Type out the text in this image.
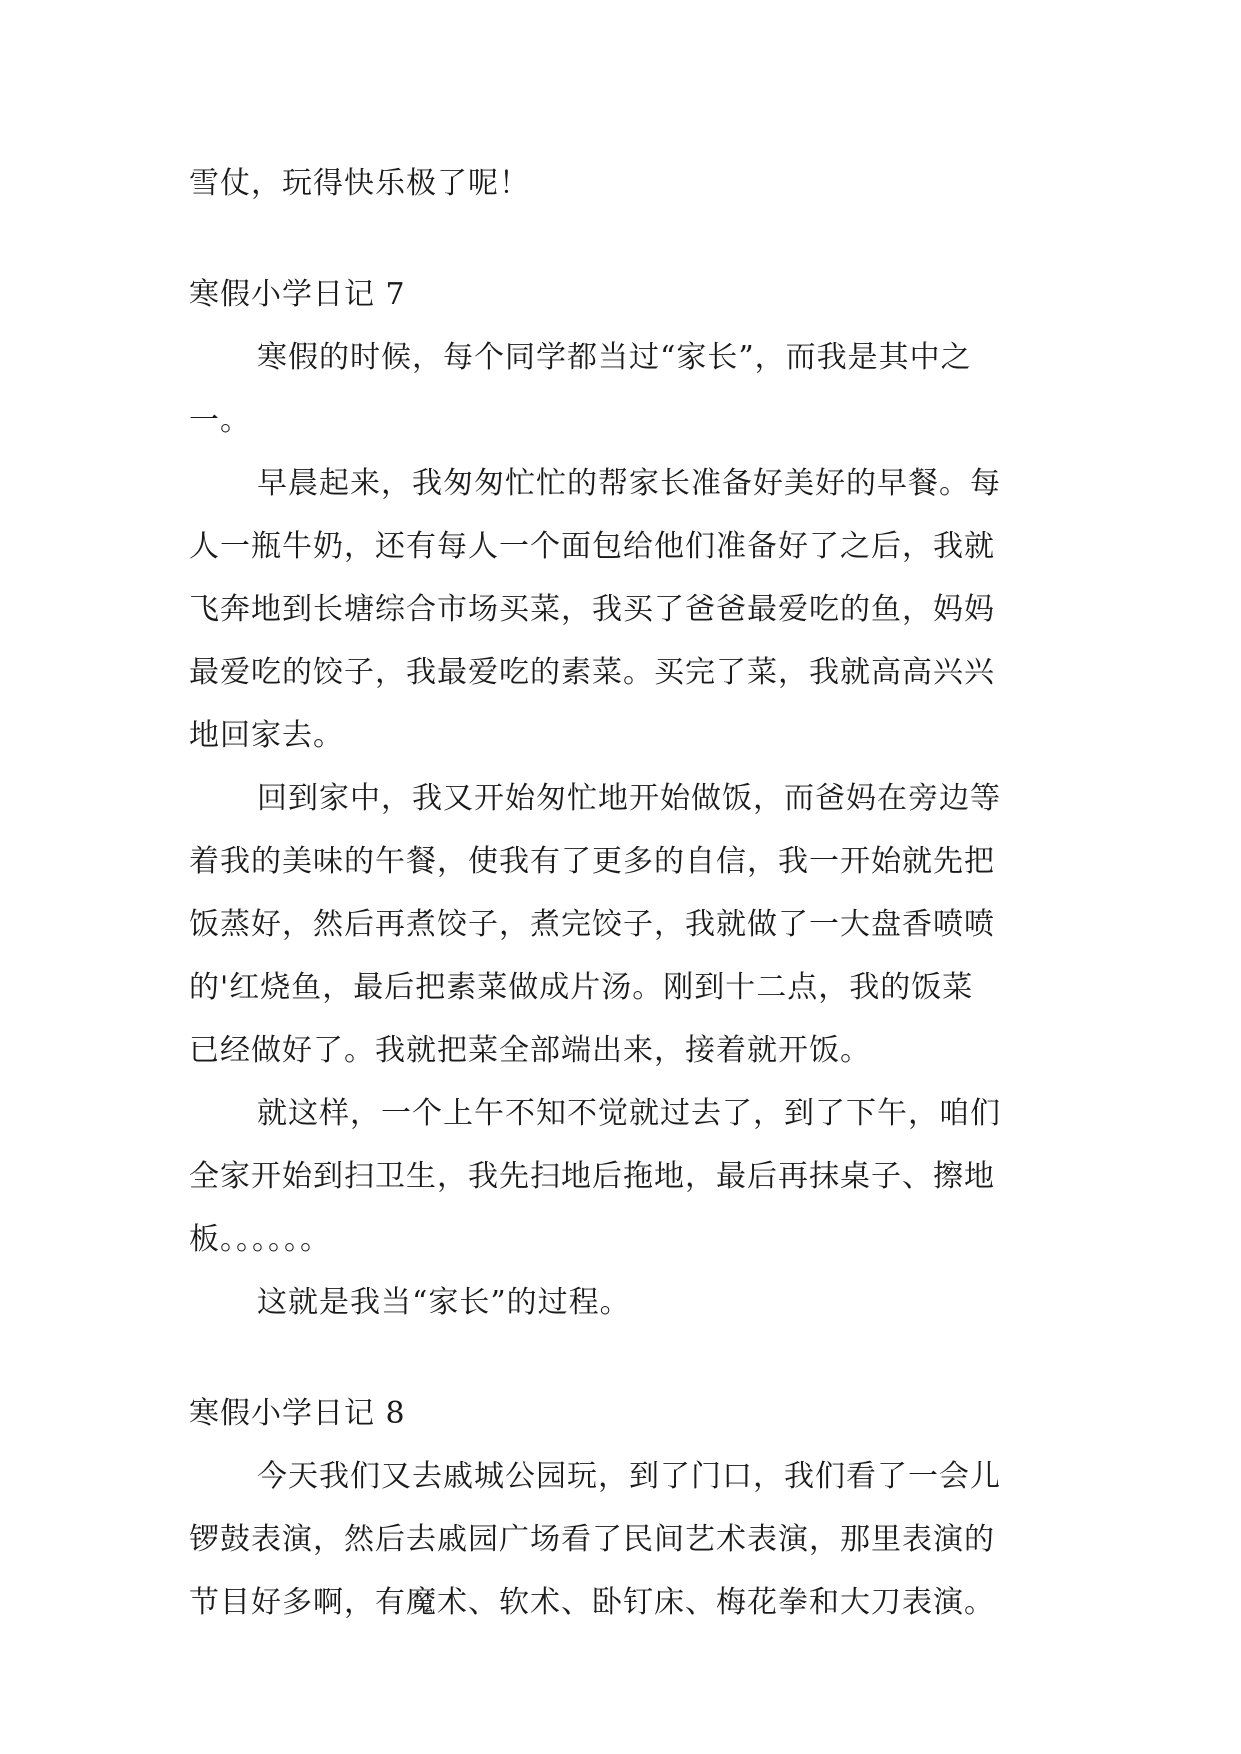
雪仗，玩得快乐极了呢！
寒假小学日记 7
寒假的时候，每个同学都当过“家长”，而我是其中之
一。
早晨起来，我匆匆忙忙的帮家长准备好美好的早餐。每
人一瓶牛奶，还有每人一个面包给他们准备好了之后，我就
飞奔地到长塘综合市场买菜，我买了爸爸最爱吃的鱼，妈妈
最爱吃的饺子，我最爱吃的素菜。买完了菜，我就高高兴兴
地回家去。
回到家中，我又开始匆忙地开始做饭，而爸妈在旁边等
着我的美味的午餐，使我有了更多的自信，我一开始就先把
饭蒸好，然后再煮饺子，煮完饺子，我就做了一大盘香喷喷
的'红烧鱼，最后把素菜做成片汤。刚到十二点，我的饭菜
已经做好了。我就把菜全部端出来，接着就开饭。
就这样，一个上午不知不觉就过去了，到了下午，咱们
全家开始到扫卫生，我先扫地后拖地，最后再抹桌子、擦地
板。。。。。。
这就是我当“家长”的过程。
寒假小学日记 8
今天我们又去戚城公园玩，到了门口，我们看了一会儿
锣鼓表演，然后去戚园广场看了民间艺术表演，那里表演的
节目好多啊，有魔术、软术、卧钉床、梅花拳和大刀表演。
